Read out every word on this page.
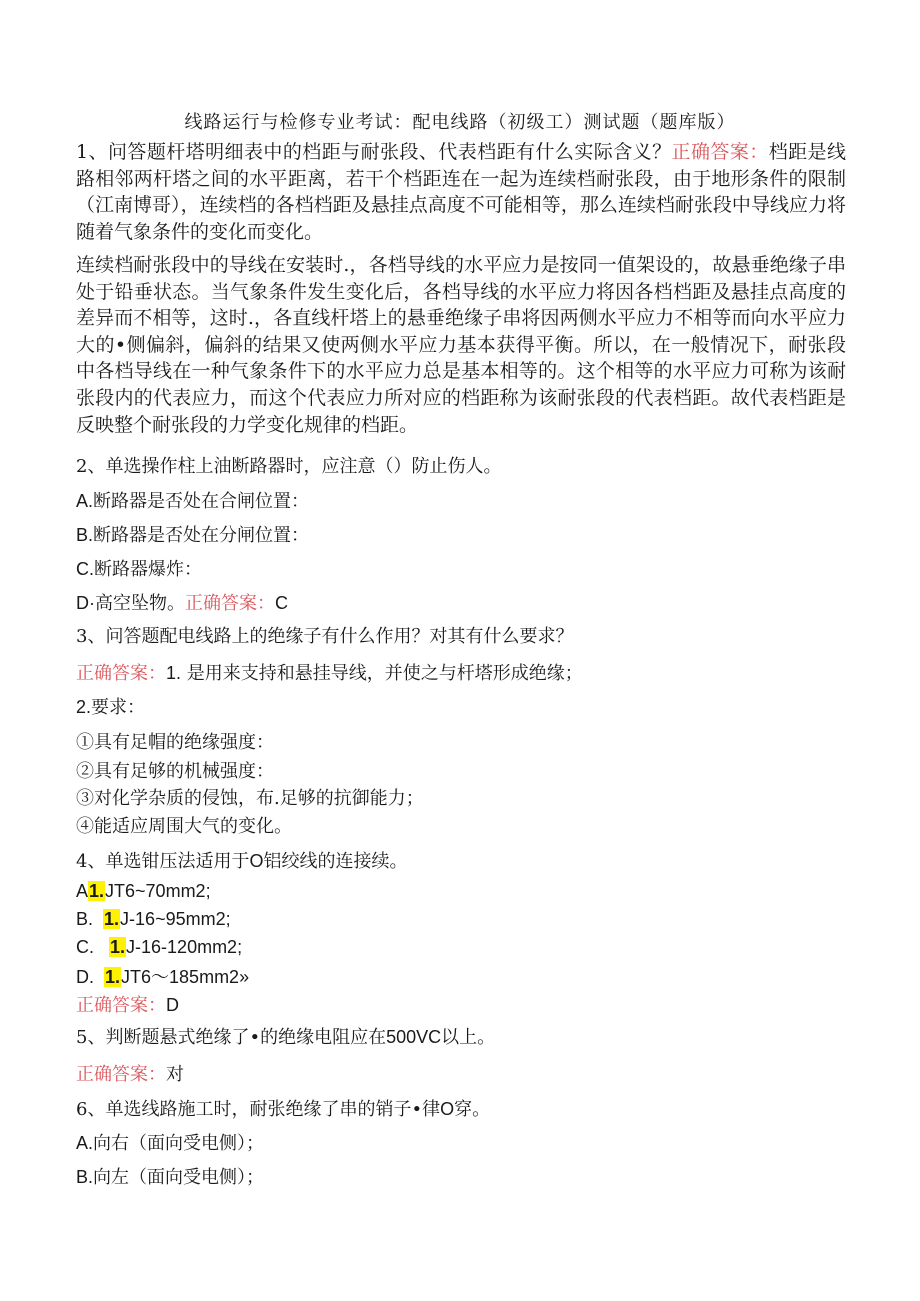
线路运行与检修专业考试：配电线路（初级工）测试题（题库版）

1、问答题杆塔明细表中的档距与耐张段、代表档距有什么实际含义？正确答案：档距是线路相邻两杆塔之间的水平距离，若干个档距连在一起为连续档耐张段，由于地形条件的限制（江南博哥），连续档的各档档距及悬挂点高度不可能相等，那么连续档耐张段中导线应力将随着气象条件的变化而变化。

连续档耐张段中的导线在安装时.，各档导线的水平应力是按同一值架设的，故悬垂绝缘子串处于铅垂状态。当气象条件发生变化后，各档导线的水平应力将因各档档距及悬挂点高度的差异而不相等，这时.，各直线杆塔上的悬垂绝缘子串将因两侧水平应力不相等而向水平应力大的•侧偏斜，偏斜的结果又使两侧水平应力基本获得平衡。所以，在一般情况下，耐张段中各档导线在一种气象条件下的水平应力总是基本相等的。这个相等的水平应力可称为该耐张段内的代表应力，而这个代表应力所对应的档距称为该耐张段的代表档距。故代表档距是反映整个耐张段的力学变化规律的档距。

2、单选操作柱上油断路器时，应注意（）防止伤人。

A.断路器是否处在合闸位置：

B.断路器是否处在分闸位置：

C.断路器爆炸：

D·高空坠物。正确答案：C

3、问答题配电线路上的绝缘子有什么作用？对其有什么要求？

正确答案：1. 是用来支持和悬挂导线，并使之与杆塔形成绝缘；

2.要求：

①具有足帽的绝缘强度：

②具有足够的机械强度：

③对化学杂质的侵蚀，布.足够的抗御能力；

④能适应周围大气的变化。

4、单选钳压法适用于O铝绞线的连接续。

A1.JT6~70mm2;

B. 1.J-16~95mm2;

C. 1.J-16-120mm2;

D. 1.JT6～185mm2»

正确答案：D

5、判断题悬式绝缘了•的绝缘电阻应在500VC以上。

正确答案：对

6、单选线路施工时，耐张绝缘了串的销子•律O穿。

A.向右（面向受电侧）；

B.向左（面向受电侧）；
